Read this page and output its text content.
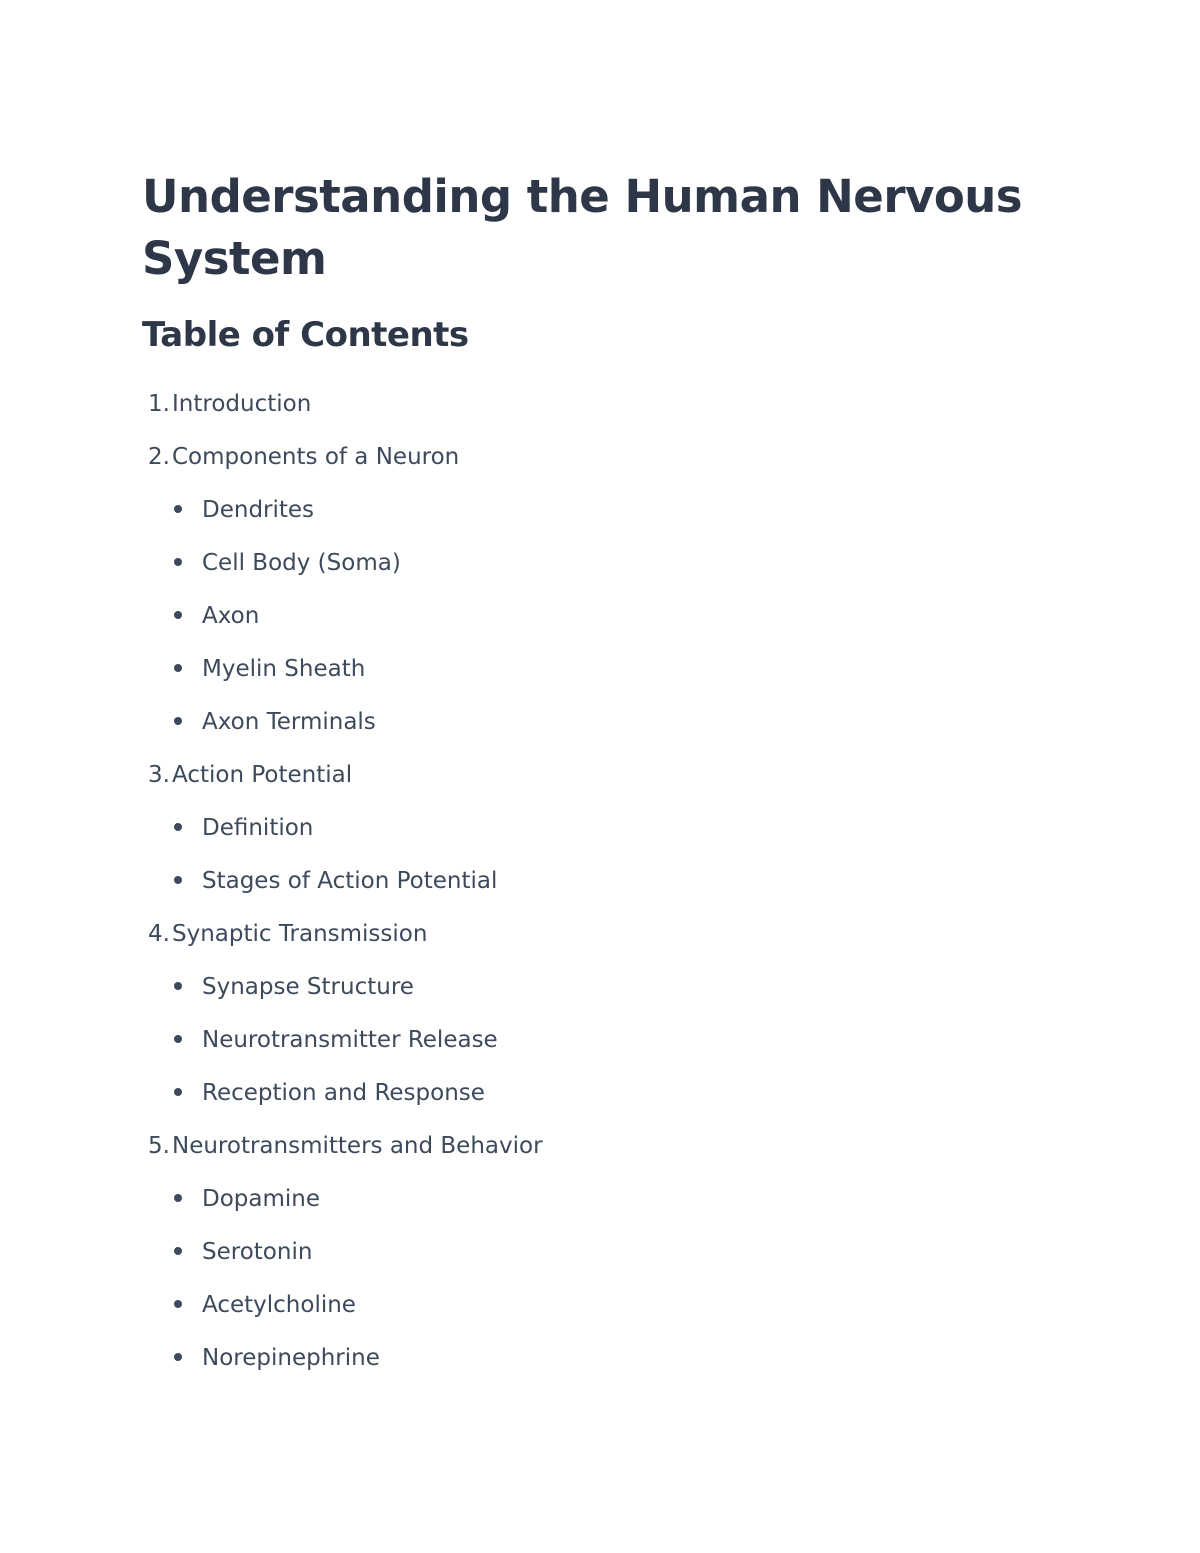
Understanding the Human Nervous System
Table of Contents
1.Introduction
2.Components of a Neuron
Dendrites
Cell Body (Soma)
Axon
Myelin Sheath
Axon Terminals
3.Action Potential
Definition
Stages of Action Potential
4.Synaptic Transmission
Synapse Structure
Neurotransmitter Release
Reception and Response
5.Neurotransmitters and Behavior
Dopamine
Serotonin
Acetylcholine
Norepinephrine
